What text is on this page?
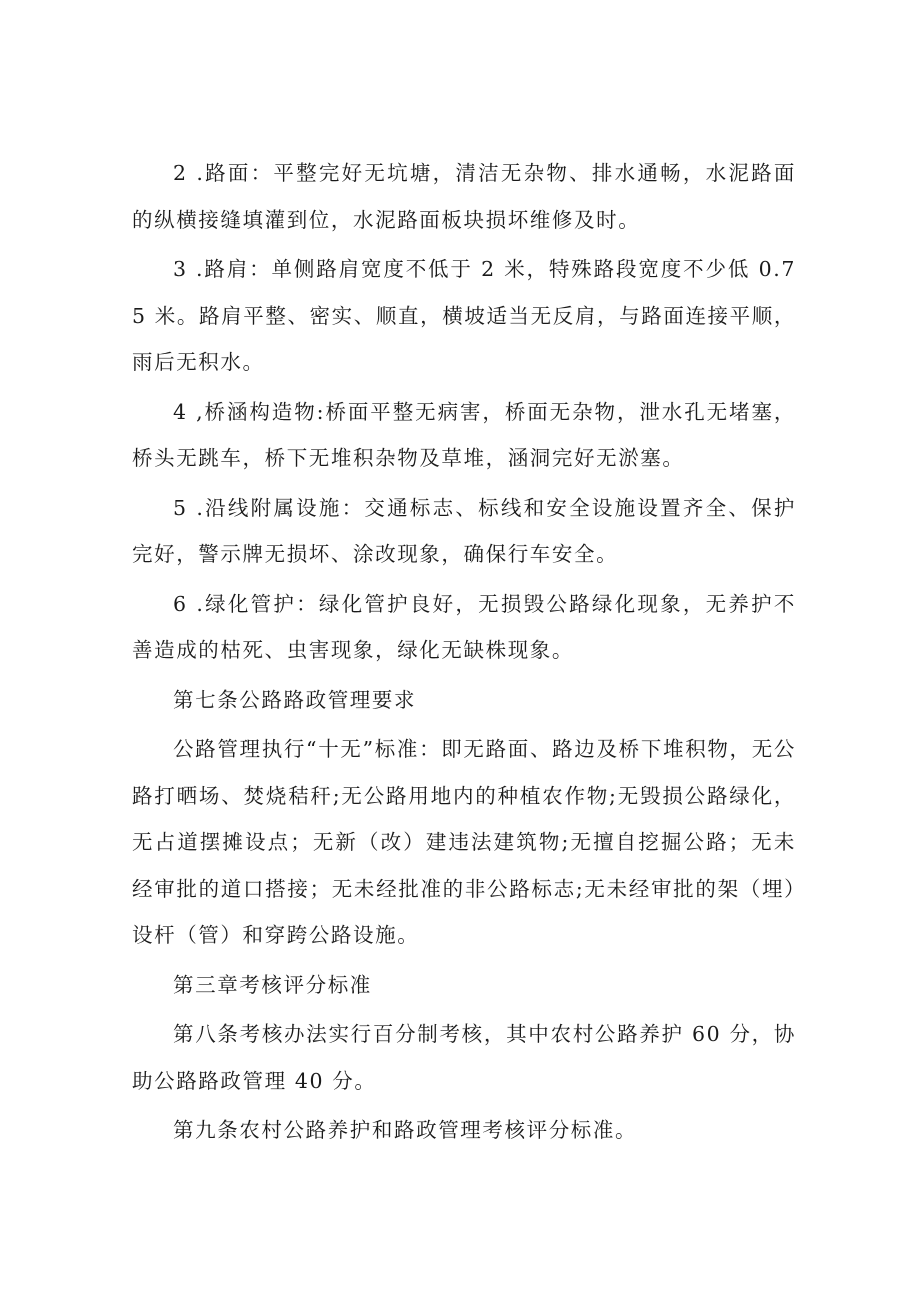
2 .路面：平整完好无坑塘，清洁无杂物、排水通畅，水泥路面的纵横接缝填灌到位，水泥路面板块损坏维修及时。

3 .路肩：单侧路肩宽度不低于 2 米，特殊路段宽度不少低 0.75 米。路肩平整、密实、顺直，横坡适当无反肩，与路面连接平顺，雨后无积水。

4 ,桥涵构造物:桥面平整无病害，桥面无杂物，泄水孔无堵塞，桥头无跳车，桥下无堆积杂物及草堆，涵洞完好无淤塞。

5 .沿线附属设施：交通标志、标线和安全设施设置齐全、保护完好，警示牌无损坏、涂改现象，确保行车安全。

6 .绿化管护：绿化管护良好，无损毁公路绿化现象，无养护不善造成的枯死、虫害现象，绿化无缺株现象。

第七条公路路政管理要求

公路管理执行“十无”标准：即无路面、路边及桥下堆积物，无公路打晒场、焚烧秸秆;无公路用地内的种植农作物;无毁损公路绿化，无占道摆摊设点；无新（改）建违法建筑物;无擅自挖掘公路；无未经审批的道口搭接；无未经批准的非公路标志;无未经审批的架（埋）设杆（管）和穿跨公路设施。

第三章考核评分标准

第八条考核办法实行百分制考核，其中农村公路养护 60 分，协助公路路政管理 40 分。

第九条农村公路养护和路政管理考核评分标准。
